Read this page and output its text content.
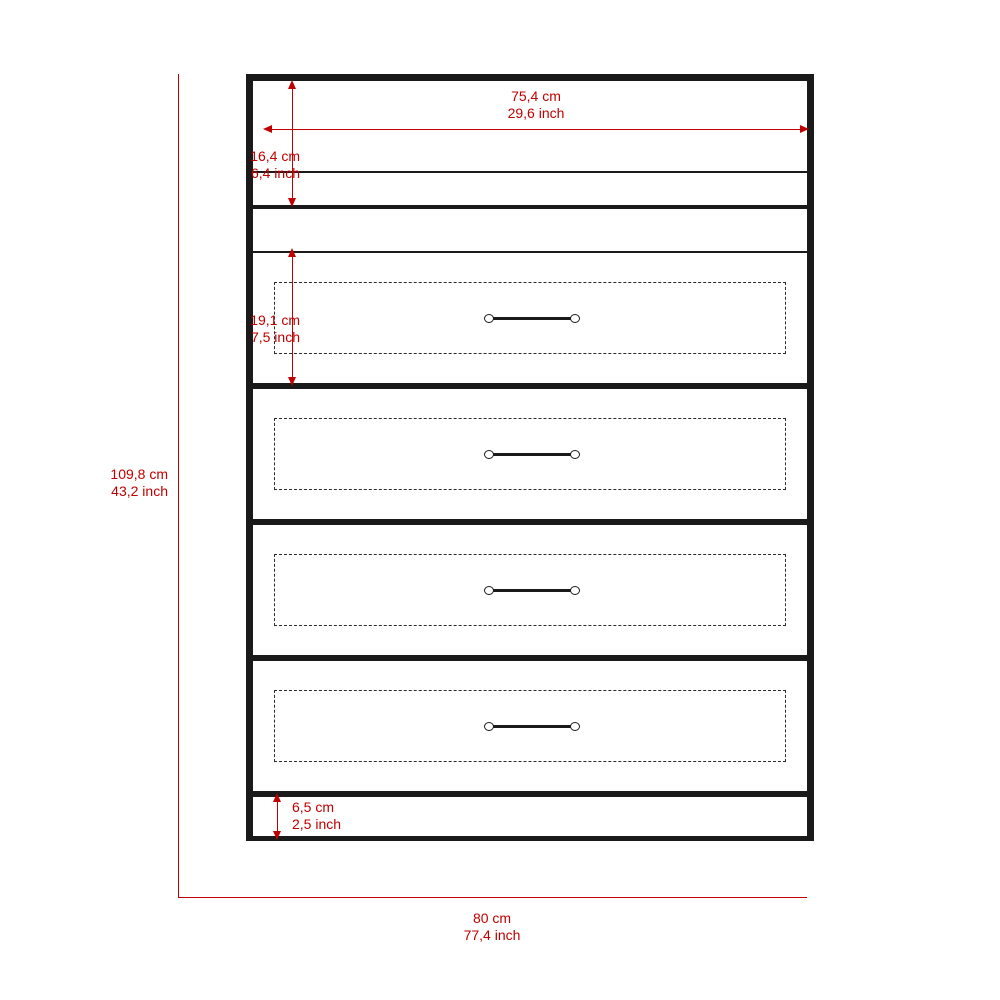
109,8 cm
43,2 inch
80 cm
77,4 inch
75,4 cm
29,6 inch
16,4 cm
6,4 inch
19,1 cm
7,5 inch
6,5 cm
2,5 inch
